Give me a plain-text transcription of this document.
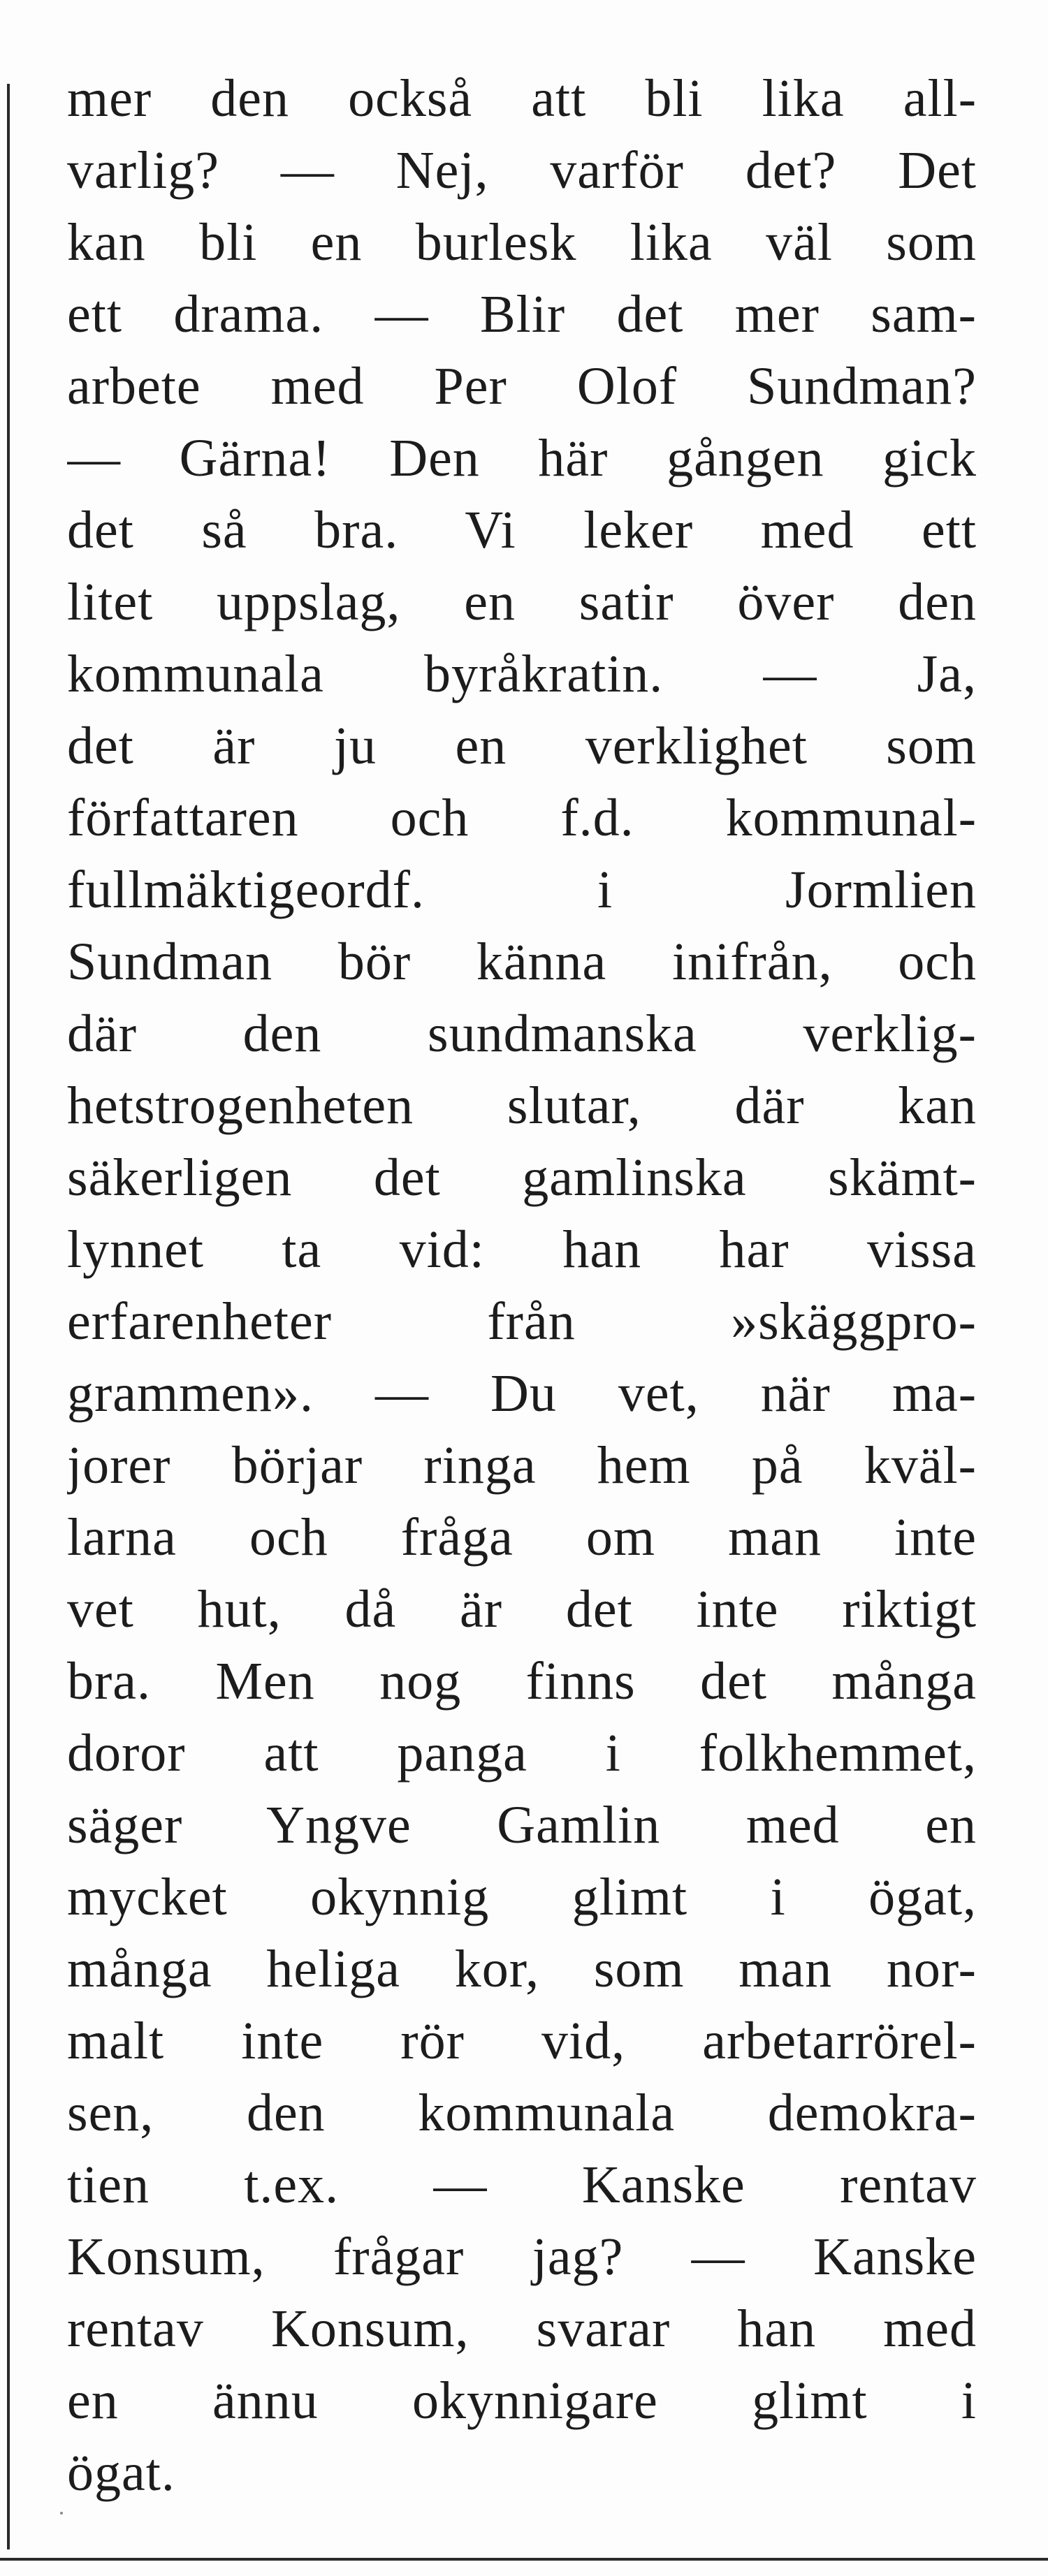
mer den också att bli lika all-
varlig? — Nej, varför det? Det
kan bli en burlesk lika väl som
ett drama. — Blir det mer sam-
arbete med Per Olof Sundman?
— Gärna! Den här gången gick
det så bra. Vi leker med ett
litet uppslag, en satir över den
kommunala byråkratin. — Ja,
det är ju en verklighet som
författaren och f.d. kommunal-
fullmäktigeordf. i Jormlien
Sundman bör känna inifrån, och
där den sundmanska verklig-
hetstrogenheten slutar, där kan
säkerligen det gamlinska skämt-
lynnet ta vid: han har vissa
erfarenheter från »skäggpro-
grammen». — Du vet, när ma-
jorer börjar ringa hem på kväl-
larna och fråga om man inte
vet hut, då är det inte riktigt
bra. Men nog finns det många
doror att panga i folkhemmet,
säger Yngve Gamlin med en
mycket okynnig glimt i ögat,
många heliga kor, som man nor-
malt inte rör vid, arbetarrörel-
sen, den kommunala demokra-
tien t.ex. — Kanske rentav
Konsum, frågar jag? — Kanske
rentav Konsum, svarar han med
en ännu okynnigare glimt i
ögat.
